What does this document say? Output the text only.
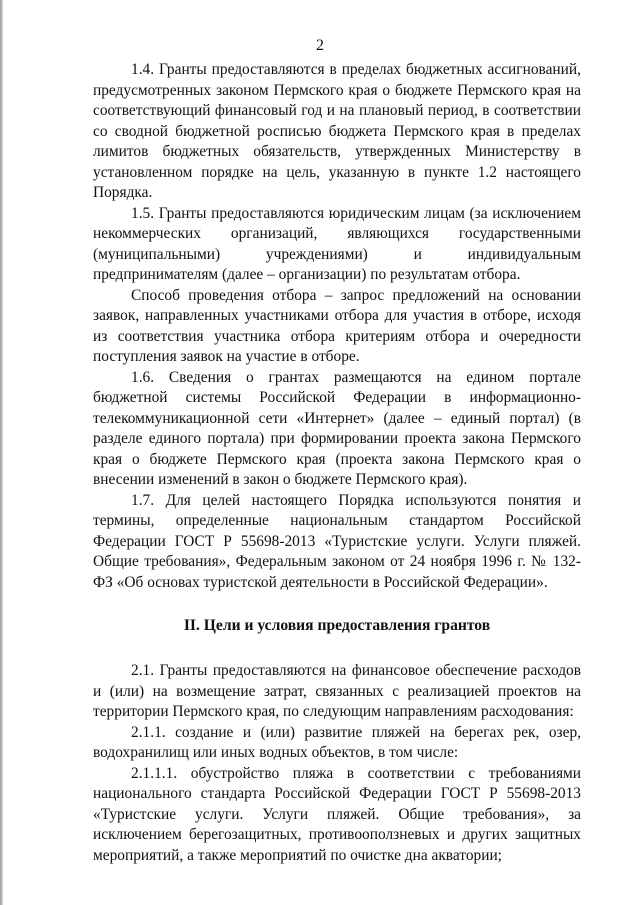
2

1.4. Гранты предоставляются в пределах бюджетных ассигнований, предусмотренных законом Пермского края о бюджете Пермского края на соответствующий финансовый год и на плановый период, в соответствии со сводной бюджетной росписью бюджета Пермского края в пределах лимитов бюджетных обязательств, утвержденных Министерству в установленном порядке на цель, указанную в пункте 1.2 настоящего Порядка.

1.5. Гранты предоставляются юридическим лицам (за исключением некоммерческих организаций, являющихся государственными (муниципальными) учреждениями) и индивидуальным предпринимателям (далее – организации) по результатам отбора.

Способ проведения отбора – запрос предложений на основании заявок, направленных участниками отбора для участия в отборе, исходя из соответствия участника отбора критериям отбора и очередности поступления заявок на участие в отборе.

1.6. Сведения о грантах размещаются на едином портале бюджетной системы Российской Федерации в информационно-телекоммуникационной сети «Интернет» (далее – единый портал) (в разделе единого портала) при формировании проекта закона Пермского края о бюджете Пермского края (проекта закона Пермского края о внесении изменений в закон о бюджете Пермского края).

1.7. Для целей настоящего Порядка используются понятия и термины, определенные национальным стандартом Российской Федерации ГОСТ Р 55698-2013 «Туристские услуги. Услуги пляжей. Общие требования», Федеральным законом от 24 ноября 1996 г. № 132-ФЗ «Об основах туристской деятельности в Российской Федерации».

II. Цели и условия предоставления грантов

2.1. Гранты предоставляются на финансовое обеспечение расходов и (или) на возмещение затрат, связанных с реализацией проектов на территории Пермского края, по следующим направлениям расходования:

2.1.1. создание и (или) развитие пляжей на берегах рек, озер, водохранилищ или иных водных объектов, в том числе:

2.1.1.1. обустройство пляжа в соответствии с требованиями национального стандарта Российской Федерации ГОСТ Р 55698-2013 «Туристские услуги. Услуги пляжей. Общие требования», за исключением берегозащитных, противооползневых и других защитных мероприятий, а также мероприятий по очистке дна акватории;
